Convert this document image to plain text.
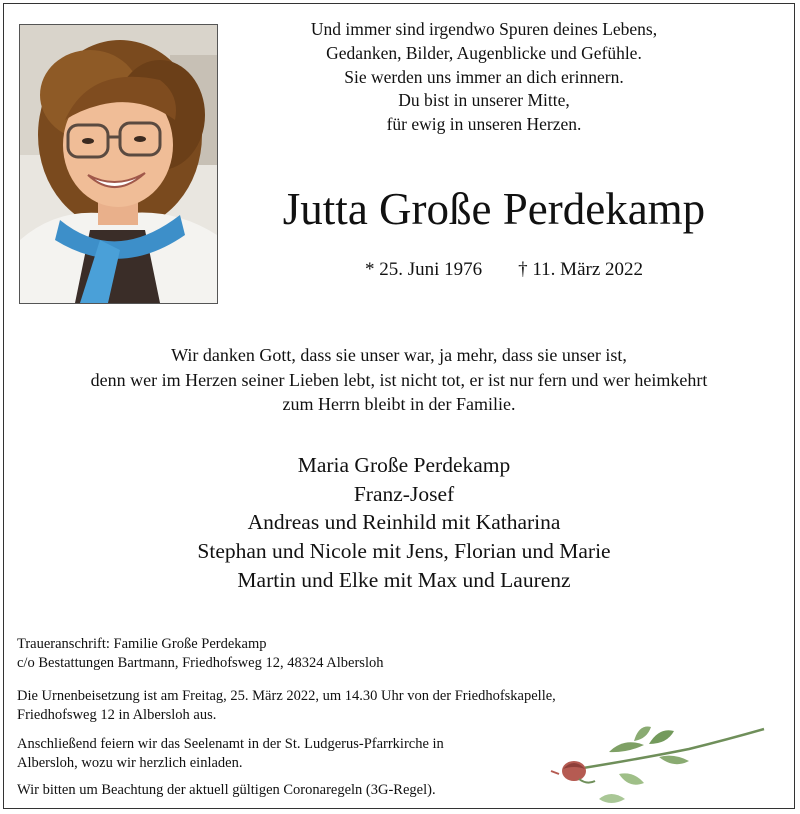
Und immer sind irgendwo Spuren deines Lebens,
Gedanken, Bilder, Augenblicke und Gefühle.
Sie werden uns immer an dich erinnern.
Du bist in unserer Mitte,
für ewig in unseren Herzen.
Jutta Große Perdekamp
* 25. Juni 1976 † 11. März 2022
Wir danken Gott, dass sie unser war, ja mehr, dass sie unser ist,
denn wer im Herzen seiner Lieben lebt, ist nicht tot, er ist nur fern und wer heimkehrt
zum Herrn bleibt in der Familie.
Maria Große Perdekamp
Franz-Josef
Andreas und Reinhild mit Katharina
Stephan und Nicole mit Jens, Florian und Marie
Martin und Elke mit Max und Laurenz
Traueranschrift: Familie Große Perdekamp
c/o Bestattungen Bartmann, Friedhofsweg 12, 48324 Albersloh
Die Urnenbeisetzung ist am Freitag, 25. März 2022, um 14.30 Uhr von der Friedhofskapelle,
Friedhofsweg 12 in Albersloh aus.
Anschließend feiern wir das Seelenamt in der St. Ludgerus-Pfarrkirche in
Albersloh, wozu wir herzlich einladen.
Wir bitten um Beachtung der aktuell gültigen Coronaregeln (3G-Regel).
